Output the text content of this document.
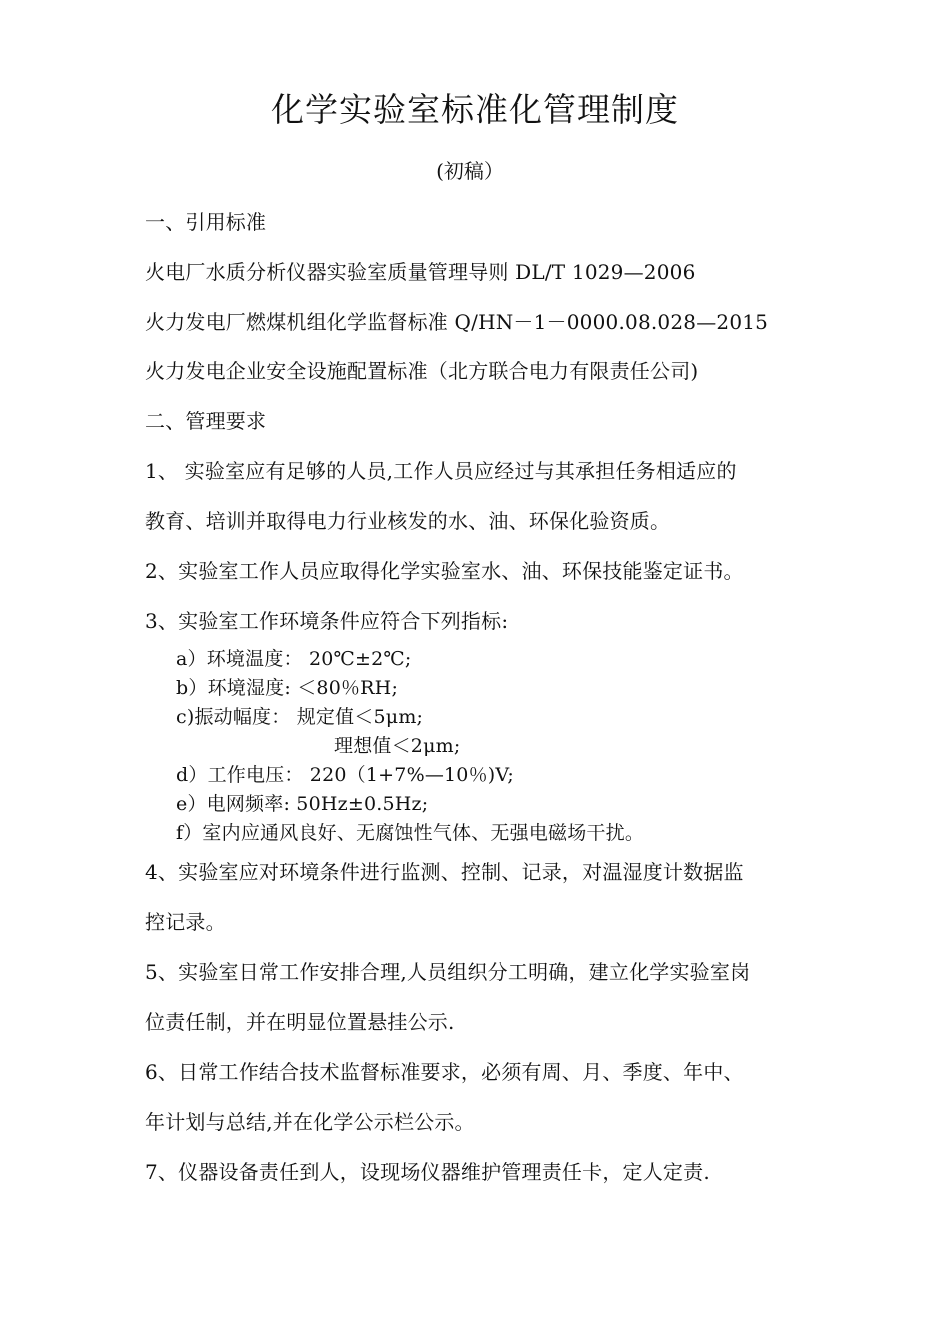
化学实验室标准化管理制度
(初稿）
一、引用标准
火电厂水质分析仪器实验室质量管理导则 DL/T 1029—2006
火力发电厂燃煤机组化学监督标准 Q/HN－1－0000.08.028—2015
火力发电企业安全设施配置标准（北方联合电力有限责任公司)
二、管理要求
1、 实验室应有足够的人员,工作人员应经过与其承担任务相适应的
教育、培训并取得电力行业核发的水、油、环保化验资质。
2、实验室工作人员应取得化学实验室水、油、环保技能鉴定证书。
3、实验室工作环境条件应符合下列指标:
a）环境温度： 20℃±2℃;
b）环境湿度: ＜80％RH;
c)振动幅度： 规定值＜5μm;
理想值＜2μm;
d）工作电压： 220（1+7%—10％)V;
e）电网频率: 50Hz±0.5Hz;
f）室内应通风良好、无腐蚀性气体、无强电磁场干扰。
4、实验室应对环境条件进行监测、控制、记录，对温湿度计数据监
控记录。
5、实验室日常工作安排合理,人员组织分工明确，建立化学实验室岗
位责任制，并在明显位置悬挂公示.
6、日常工作结合技术监督标准要求，必须有周、月、季度、年中、
年计划与总结,并在化学公示栏公示。
7、仪器设备责任到人，设现场仪器维护管理责任卡，定人定责.
